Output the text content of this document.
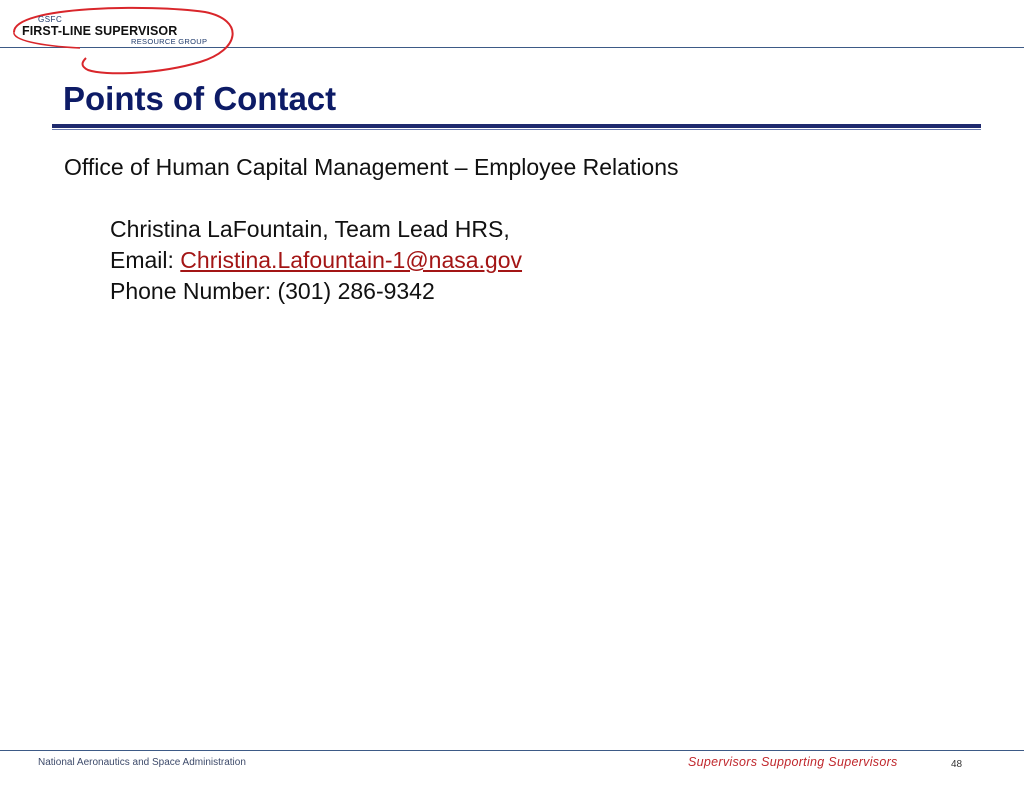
GSFC
FIRST-LINE SUPERVISOR
RESOURCE GROUP
Points of Contact
Office of Human Capital Management – Employee Relations
Christina LaFountain, Team Lead HRS,
Email: Christina.Lafountain-1@nasa.gov
Phone Number: (301) 286-9342
National Aeronautics and Space Administration	Supervisors Supporting Supervisors	48
